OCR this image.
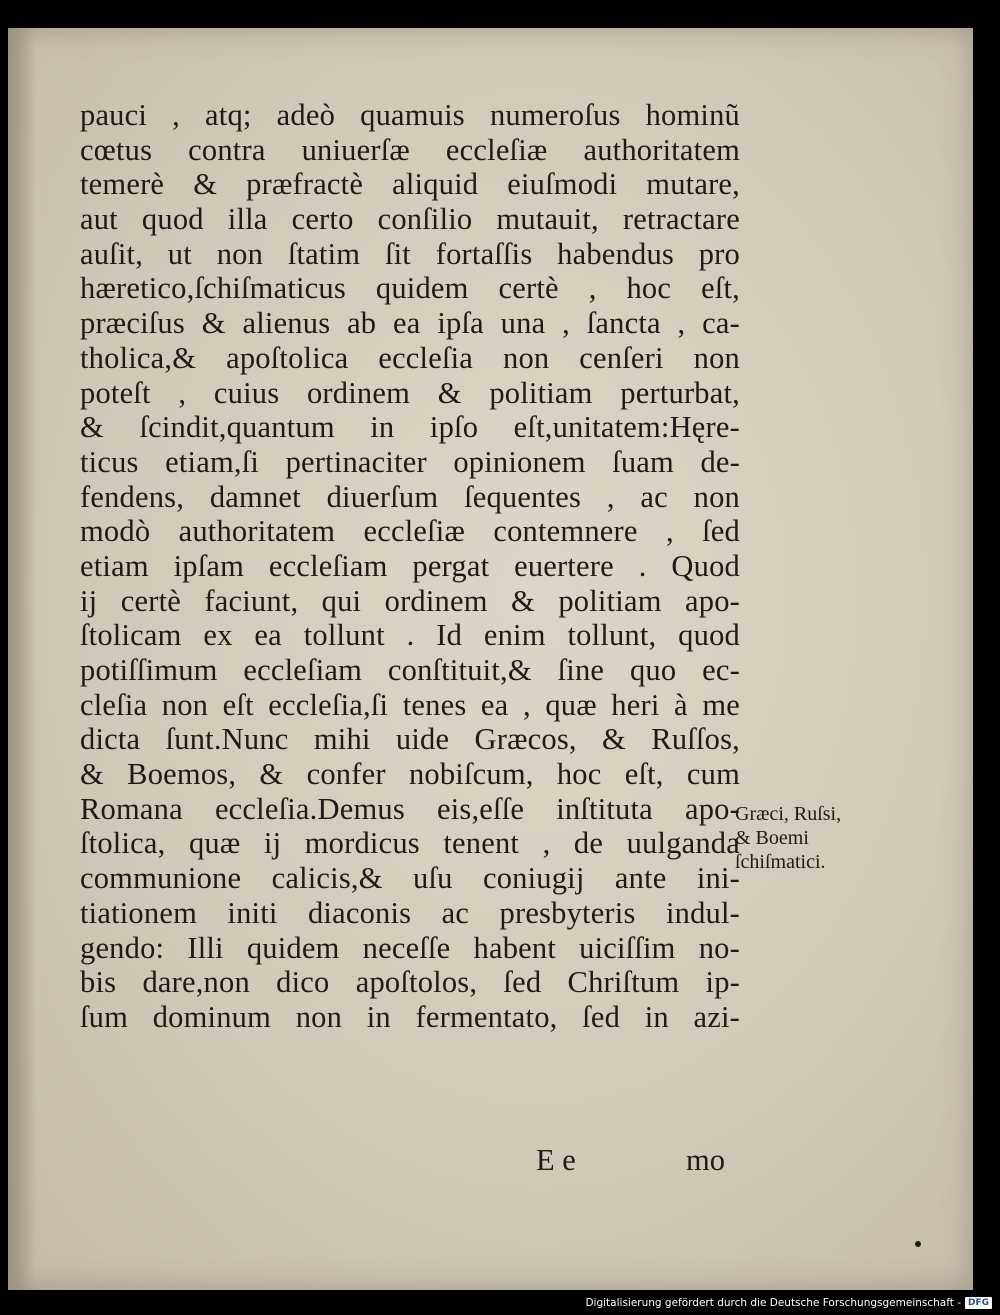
pauci , atq; adeò quamuis numeroſus hominũ
cœtus contra uniuerſæ eccleſiæ authoritatem
temerè & præfractè aliquid eiuſmodi mutare,
aut quod illa certo conſilio mutauit, retractare
auſit, ut non ſtatim ſit fortaſſis habendus pro
hæretico,ſchiſmaticus quidem certè , hoc eſt,
præciſus & alienus ab ea ipſa una , ſancta , ca-
tholica,& apoſtolica eccleſia non cenſeri non
poteſt , cuius ordinem & politiam perturbat,
& ſcindit,quantum in ipſo eſt,unitatem:Hęre-
ticus etiam,ſi pertinaciter opinionem ſuam de-
fendens, damnet diuerſum ſequentes , ac non
modò authoritatem eccleſiæ contemnere , ſed
etiam ipſam eccleſiam pergat euertere . Quod
ij certè faciunt, qui ordinem & politiam apo-
ſtolicam ex ea tollunt . Id enim tollunt, quod
potiſſimum eccleſiam conſtituit,& ſine quo ec-
cleſia non eſt eccleſia,ſi tenes ea , quæ heri à me
dicta ſunt.Nunc mihi uide Græcos, & Ruſſos,
& Boemos, & confer nobiſcum, hoc eſt, cum
Romana eccleſia.Demus eis,eſſe inſtituta apo-
ſtolica, quæ ij mordicus tenent , de uulganda
communione calicis,& uſu coniugij ante ini-
tiationem initi diaconis ac presbyteris indul-
gendo: Illi quidem neceſſe habent uiciſſim no-
bis dare,non dico apoſtolos, ſed Chriſtum ip-
ſum dominum non in fermentato, ſed in azi-
Græci, Ruſsi,
& Boemi
ſchiſmatici.
E e	mo
Digitalisierung gefördert durch die Deutsche Forschungsgemeinschaft - DFG
